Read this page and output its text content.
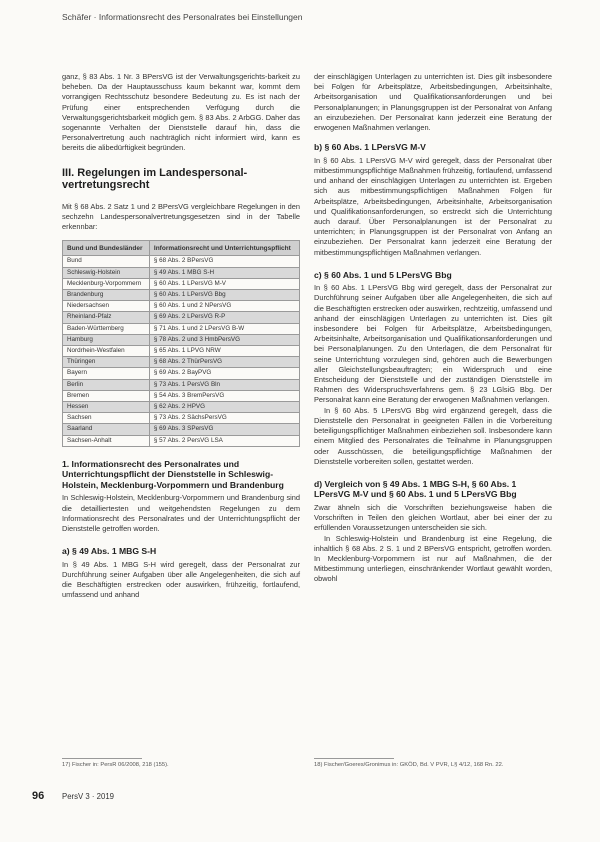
Schäfer · Informationsrecht des Personalrates bei Einstellungen

ganz, § 83 Abs. 1 Nr. 3 BPersVG ist der Verwaltungsgerichts-barkeit zu beheben. Da der Hauptausschuss kaum bekannt war, kommt dem vorrangigen Rechtsschutz besondere Bedeutung zu. Es ist nach der Prüfung einer entsprechenden Verfügung durch die Verwaltungsgerichtsbarkeit möglich gem. § 83 Abs. 2 ArbGG. Daher das sogenannte Verhalten der Dienststelle darauf hin, dass die Personalvertretung auch nachträglich nicht informiert wird, kann es bereits die alibedürftigkeit begründen.

III. Regelungen im Landespersonal-vertretungsrecht

Mit § 68 Abs. 2 Satz 1 und 2 BPersVG vergleichbare Regelungen in den sechzehn Landespersonalvertretungsgesetzen sind in der Tabelle erkennbar:

Bund und Bundesländer	Informationsrecht und Unterrichtungspflicht
Bund	§ 68 Abs. 2 BPersVG
Schleswig-Holstein	§ 49 Abs. 1 MBG S-H
Mecklenburg-Vorpommern	§ 60 Abs. 1 LPersVG M-V
Brandenburg	§ 60 Abs. 1 LPersVG Bbg
Niedersachsen	§ 60 Abs. 1 und 2 NPersVG
Rheinland-Pfalz	§ 69 Abs. 2 LPersVG R-P
Baden-Württemberg	§ 71 Abs. 1 und 2 LPersVG B-W
Hamburg	§ 78 Abs. 2 und 3 HmbPersVG
Nordrhein-Westfalen	§ 65 Abs. 1 LPVG NRW
Thüringen	§ 68 Abs. 2 ThürPersVG
Bayern	§ 69 Abs. 2 BayPVG
Berlin	§ 73 Abs. 1 PersVG Bln
Bremen	§ 54 Abs. 3 BremPersVG
Hessen	§ 62 Abs. 2 HPVG
Sachsen	§ 73 Abs. 2 SächsPersVG
Saarland	§ 69 Abs. 3 SPersVG
Sachsen-Anhalt	§ 57 Abs. 2 PersVG LSA
1. Informationsrecht des Personalrates und Unterrichtungspflicht der Dienststelle in Schleswig-Holstein, Mecklenburg-Vorpommern und Brandenburg

In Schleswig-Holstein, Mecklenburg-Vorpommern und Brandenburg sind die detailliertesten und weitgehendsten Regelungen zu dem Informationsrecht des Personalrates und der Unterrichtungspflicht der Dienststelle getroffen worden.

a) § 49 Abs. 1 MBG S-H

In § 49 Abs. 1 MBG S-H wird geregelt, dass der Personalrat zur Durchführung seiner Aufgaben über alle Angelegenheiten, die sich auf die Beschäftigten erstrecken oder auswirken, frühzeitig, fortlaufend, umfassend und anhand

der einschlägigen Unterlagen zu unterrichten ist. Dies gilt insbesondere bei Folgen für Arbeitsplätze, Arbeitsbedingungen, Arbeitsinhalte, Arbeitsorganisation und Qualifikationsanforderungen und bei Personalplanungen; in Planungsgruppen ist der Personalrat von Anfang an einzubeziehen. Der Personalrat kann jederzeit eine Beratung der erwogenen Maßnahmen verlangen.

b) § 60 Abs. 1 LPersVG M-V

In § 60 Abs. 1 LPersVG M-V wird geregelt, dass der Personalrat über mitbestimmungspflichtige Maßnahmen frühzeitig, fortlaufend, umfassend und anhand der einschlägigen Unterlagen zu unterrichten ist. Ergeben sich aus mitbestimmungspflichtigen Maßnahmen Folgen für Arbeitsplätze, Arbeitsbedingungen, Arbeitsinhalte, Arbeitsorganisation und Qualifikationsanforderungen, so erstreckt sich die Unterrichtung auch darauf. Über Personalplanungen ist der Personalrat zu unterrichten; in Planungsgruppen ist der Personalrat von Anfang an einzubeziehen. Der Personalrat kann jederzeit eine Beratung der mitbestimmungspflichtigen Maßnahmen verlangen.

c) § 60 Abs. 1 und 5 LPersVG Bbg

In § 60 Abs. 1 LPersVG Bbg wird geregelt, dass der Personalrat zur Durchführung seiner Aufgaben über alle Angelegenheiten, die sich auf die Beschäftigten erstrecken oder auswirken, rechtzeitig, umfassend und anhand der einschlägigen Unterlagen zu unterrichten ist. Dies gilt insbesondere bei Folgen für Arbeitsplätze, Arbeitsbedingungen, Arbeitsinhalte, Arbeitsorganisation und Qualifikationsanforderungen und bei Personalplanungen. Zu den Unterlagen, die dem Personalrat für seine Unterrichtung vorzulegen sind, gehören auch die Bewerbungen aller Gleichstellungsbeauftragten; ein Widerspruch und eine Entscheidung der Dienststelle und der zuständigen Dienststelle im Rahmen des Widerspruchsverfahrens gem. § 23 LGlsiG Bbg. Der Personalrat kann eine Beratung der erwogenen Maßnahmen verlangen.

In § 60 Abs. 5 LPersVG Bbg wird ergänzend geregelt, dass die Dienststelle den Personalrat in geeigneten Fällen in die Vorbereitung beteiligungspflichtiger Maßnahmen einbeziehen soll. Insbesondere kann einem Mitglied des Personalrates die Teilnahme in Planungsgruppen oder Ausschüssen, die beteiligungspflichtige Maßnahmen der Dienststelle vorbereiten sollen, gestattet werden.

d) Vergleich von § 49 Abs. 1 MBG S-H, § 60 Abs. 1 LPersVG M-V und § 60 Abs. 1 und 5 LPersVG Bbg

Zwar ähneln sich die Vorschriften beziehungsweise haben die Vorschriften in Teilen den gleichen Wortlaut, aber bei einer der zu erfüllenden Voraussetzungen unterscheiden sie sich.

In Schleswig-Holstein und Brandenburg ist eine Regelung, die inhaltlich § 68 Abs. 2 S. 1 und 2 BPersVG entspricht, getroffen worden. In Mecklenburg-Vorpommern ist nur auf Maßnahmen, die der Mitbestimmung unterliegen, einschränkender Wortlaut gewählt worden, obwohl

17) Fischer in: PersR 06/2008, 218 (155).	18) Fischer/Goeres/Gronimus in: GKÖD, Bd. V PVR, L§ 4/12, 168 Rn. 22.
96 PersV 3 · 2019
